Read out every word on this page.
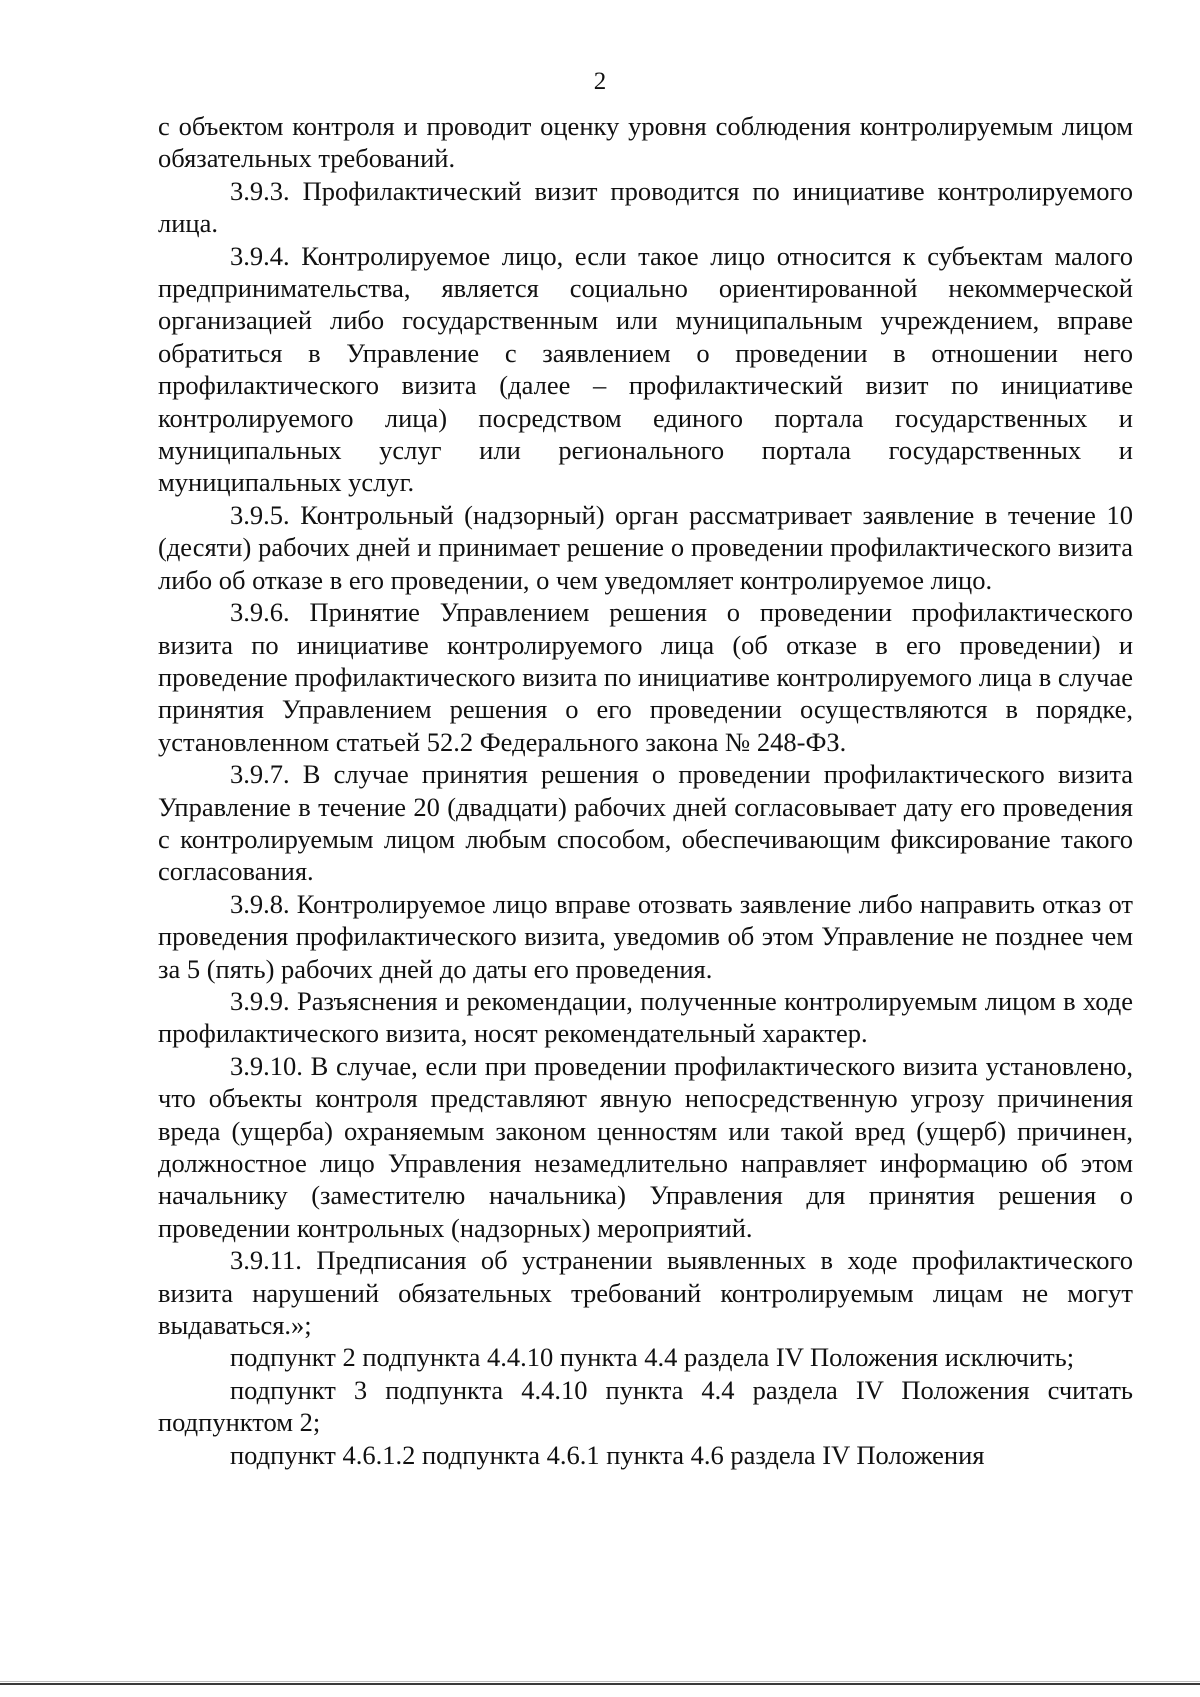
2

с объектом контроля и проводит оценку уровня соблюдения контролируемым лицом обязательных требований.

3.9.3. Профилактический визит проводится по инициативе контролируемого лица.

3.9.4. Контролируемое лицо, если такое лицо относится к субъектам малого предпринимательства, является социально ориентированной некоммерческой организацией либо государственным или муниципальным учреждением, вправе обратиться в Управление с заявлением о проведении в отношении него профилактического визита (далее – профилактический визит по инициативе контролируемого лица) посредством единого портала государственных и муниципальных услуг или регионального портала государственных и муниципальных услуг.

3.9.5. Контрольный (надзорный) орган рассматривает заявление в течение 10 (десяти) рабочих дней и принимает решение о проведении профилактического визита либо об отказе в его проведении, о чем уведомляет контролируемое лицо.

3.9.6. Принятие Управлением решения о проведении профилактического визита по инициативе контролируемого лица (об отказе в его проведении) и проведение профилактического визита по инициативе контролируемого лица в случае принятия Управлением решения о его проведении осуществляются в порядке, установленном статьей 52.2 Федерального закона № 248-ФЗ.

3.9.7. В случае принятия решения о проведении профилактического визита Управление в течение 20 (двадцати) рабочих дней согласовывает дату его проведения с контролируемым лицом любым способом, обеспечивающим фиксирование такого согласования.

3.9.8. Контролируемое лицо вправе отозвать заявление либо направить отказ от проведения профилактического визита, уведомив об этом Управление не позднее чем за 5 (пять) рабочих дней до даты его проведения.

3.9.9. Разъяснения и рекомендации, полученные контролируемым лицом в ходе профилактического визита, носят рекомендательный характер.

3.9.10. В случае, если при проведении профилактического визита установлено, что объекты контроля представляют явную непосредственную угрозу причинения вреда (ущерба) охраняемым законом ценностям или такой вред (ущерб) причинен, должностное лицо Управления незамедлительно направляет информацию об этом начальнику (заместителю начальника) Управления для принятия решения о проведении контрольных (надзорных) мероприятий.

3.9.11. Предписания об устранении выявленных в ходе профилактического визита нарушений обязательных требований контролируемым лицам не могут выдаваться.»;

подпункт 2 подпункта 4.4.10 пункта 4.4 раздела IV Положения исключить;

подпункт 3 подпункта 4.4.10 пункта 4.4 раздела IV Положения считать подпунктом 2;

подпункт 4.6.1.2 подпункта 4.6.1 пункта 4.6 раздела IV Положения
